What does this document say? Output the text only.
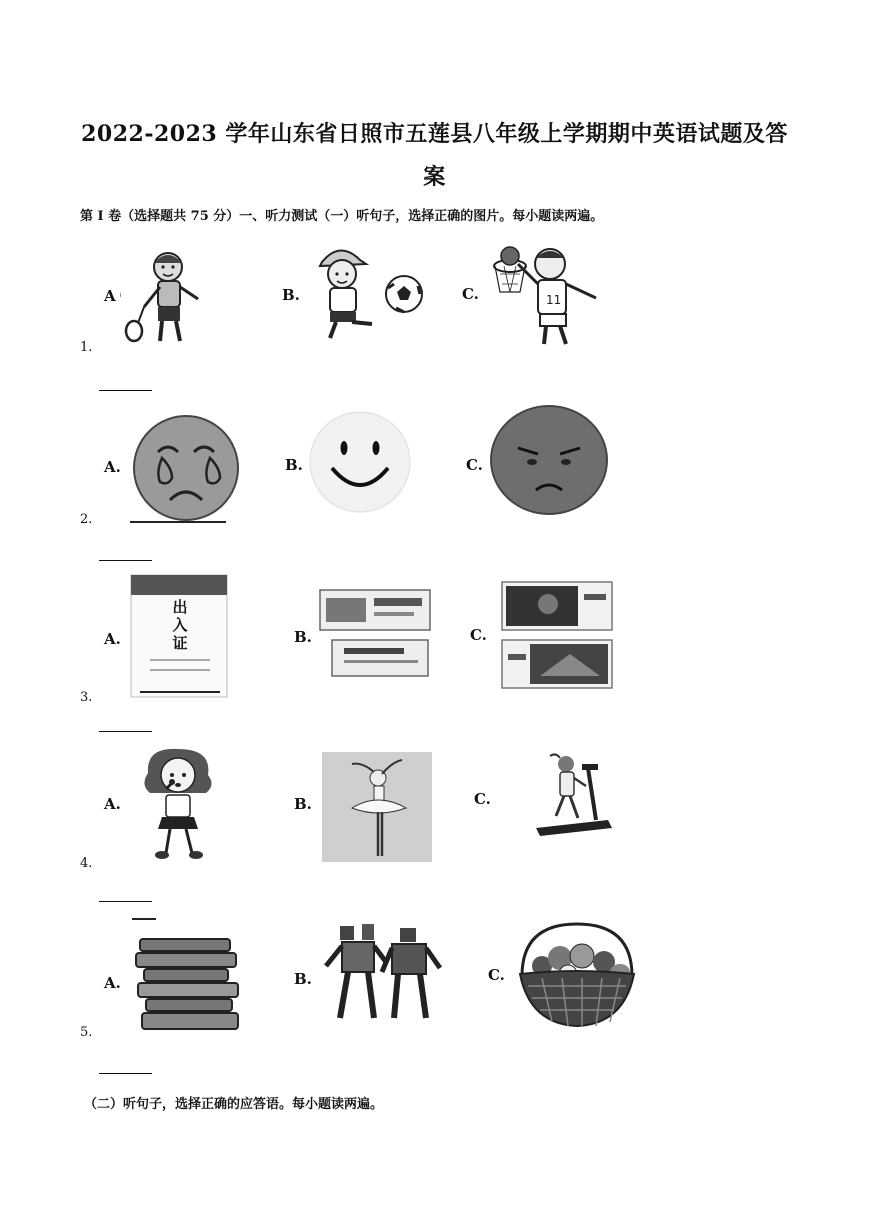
2022-2023 学年山东省日照市五莲县八年级上学期期中英语试题及答
案
第 I 卷（选择题共 75 分）一、听力测试（一）听句子，选择正确的图片。每小题读两遍。
A	B.	C.	11
1.
A.	B.	C.
2.
A.
出入证	B.	C.
3.
A.	B.	C.
4.
A.	B.	C.
5.
（二）听句子，选择正确的应答语。每小题读两遍。
